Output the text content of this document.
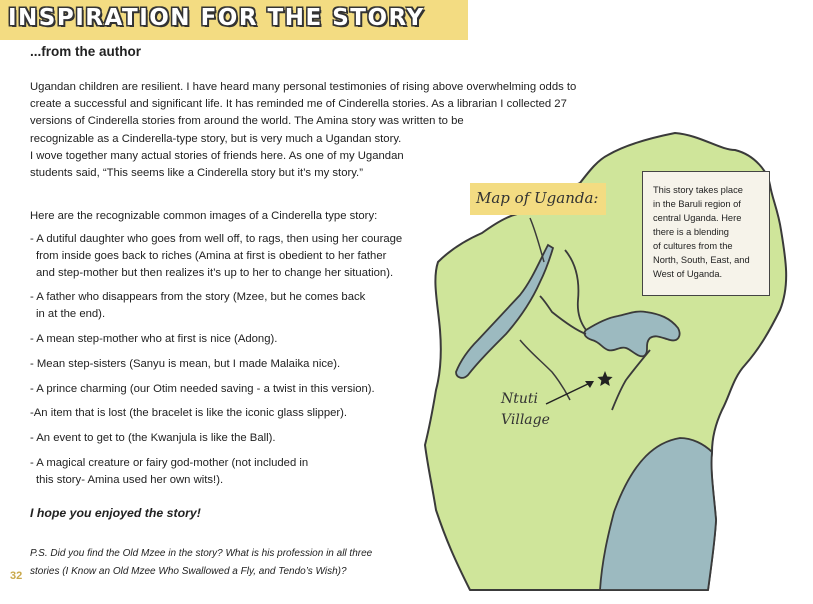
INSPIRATION FOR THE STORY
...from the author

Ugandan children are resilient. I have heard many personal testimonies of rising above overwhelming odds to
create a successful and significant life. It has reminded me of Cinderella stories. As a librarian I collected 27
versions of Cinderella stories from around the world. The Amina story was written to be
recognizable as a Cinderella-type story, but is very much a Ugandan story.
I wove together many actual stories of friends here. As one of my Ugandan
students said, “This seems like a Cinderella story but it’s my story.”

Here are the recognizable common images of a Cinderella type story:
- A dutiful daughter who goes from well off, to rags, then using her courage
from inside goes back to riches (Amina at first is obedient to her father
and step-mother but then realizes it’s up to her to change her situation).
- A father who disappears from the story (Mzee, but he comes back
in at the end).
- A mean step-mother who at first is nice (Adong).
- Mean step-sisters (Sanyu is mean, but I made Malaika nice).
- A prince charming (our Otim needed saving - a twist in this version).
-An item that is lost (the bracelet is like the iconic glass slipper).
- An event to get to (the Kwanjula is like the Ball).
- A magical creature or fairy god-mother (not included in
this story- Amina used her own wits!).
I hope you enjoyed the story!
P.S. Did you find the Old Mzee in the story? What is his profession in all three
stories (I Know an Old Mzee Who Swallowed a Fly, and Tendo’s Wish)?
32
Map of Uganda:	This story takes place
in the Baruli region of
central Uganda. Here
there is a blending
of cultures from the
North, South, East, and
West of Uganda.
Ntuti
Village
